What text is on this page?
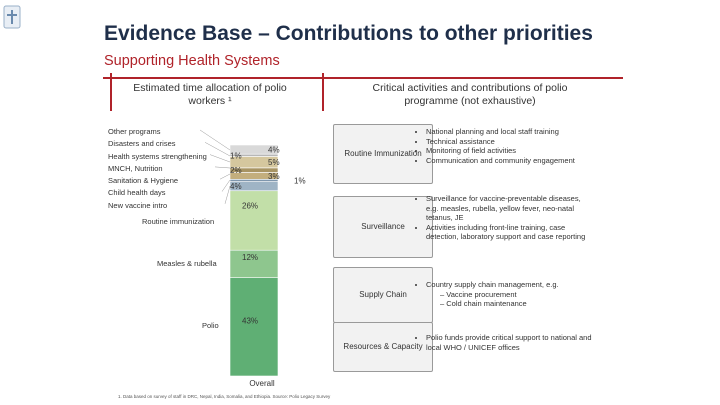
Evidence Base – Contributions to other priorities
Supporting Health Systems
Estimated time allocation of polio workers ¹
Critical activities and contributions of polio programme (not exhaustive)
Other programs
Disasters and crises
Health systems strengthening
MNCH, Nutrition
Sanitation & Hygiene
Child health days
New vaccine intro
43%
12%
26%
4%
1%
3%
2%
5%
1%
4%
Routine immunization
Measles & rubella
Polio
Overall
Routine Immunization
Surveillance
Supply Chain
Resources & Capacity
• National planning and local staff training
• Technical assistance
• Monitoring of field activities
• Communication and community engagement
• Surveillance for vaccine-preventable diseases, e.g. measles, rubella, yellow fever, neo-natal tetanus, JE
• Activities including front-line training, case detection, laboratory support and case reporting
• Country supply chain management, e.g.
– Vaccine procurement
– Cold chain maintenance
• Polio funds provide critical support to national and local WHO / UNICEF offices
1. Data based on survey of staff in DRC, Nepal, India, Somalia, and Ethiopia. Source: Polio Legacy Survey
